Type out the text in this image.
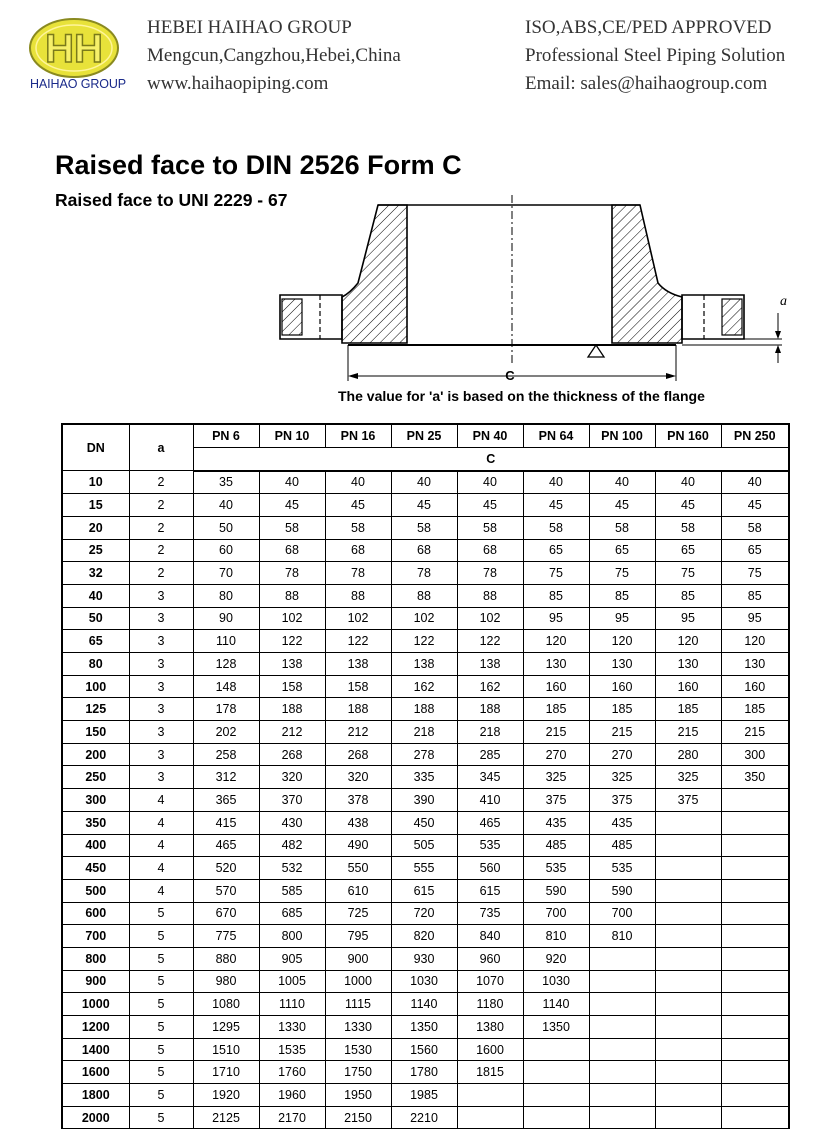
HH
HAIHAO GROUP
HEBEI HAIHAO GROUP
Mengcun,Cangzhou,Hebei,China
www.haihaopiping.com
ISO,ABS,CE/PED APPROVED
Professional Steel Piping Solution
Email: sales@haihaogroup.com
Raised face to DIN 2526 Form C
Raised face to UNI 2229 - 67
C
a
The value for 'a' is based on the thickness of the flange
DN	a	PN 6	PN 10	PN 16	PN 25	PN 40	PN 64	PN 100	PN 160	PN 250
		C								
10	2	35	40	40	40	40	40	40	40	40
15	2	40	45	45	45	45	45	45	45	45
20	2	50	58	58	58	58	58	58	58	58
25	2	60	68	68	68	68	65	65	65	65
32	2	70	78	78	78	78	75	75	75	75
40	3	80	88	88	88	88	85	85	85	85
50	3	90	102	102	102	102	95	95	95	95
65	3	110	122	122	122	122	120	120	120	120
80	3	128	138	138	138	138	130	130	130	130
100	3	148	158	158	162	162	160	160	160	160
125	3	178	188	188	188	188	185	185	185	185
150	3	202	212	212	218	218	215	215	215	215
200	3	258	268	268	278	285	270	270	280	300
250	3	312	320	320	335	345	325	325	325	350
300	4	365	370	378	390	410	375	375	375	
350	4	415	430	438	450	465	435	435		
400	4	465	482	490	505	535	485	485		
450	4	520	532	550	555	560	535	535		
500	4	570	585	610	615	615	590	590		
600	5	670	685	725	720	735	700	700		
700	5	775	800	795	820	840	810	810		
800	5	880	905	900	930	960	920			
900	5	980	1005	1000	1030	1070	1030			
1000	5	1080	1110	1115	1140	1180	1140			
1200	5	1295	1330	1330	1350	1380	1350			
1400	5	1510	1535	1530	1560	1600				
1600	5	1710	1760	1750	1780	1815				
1800	5	1920	1960	1950	1985					
2000	5	2125	2170	2150	2210					
